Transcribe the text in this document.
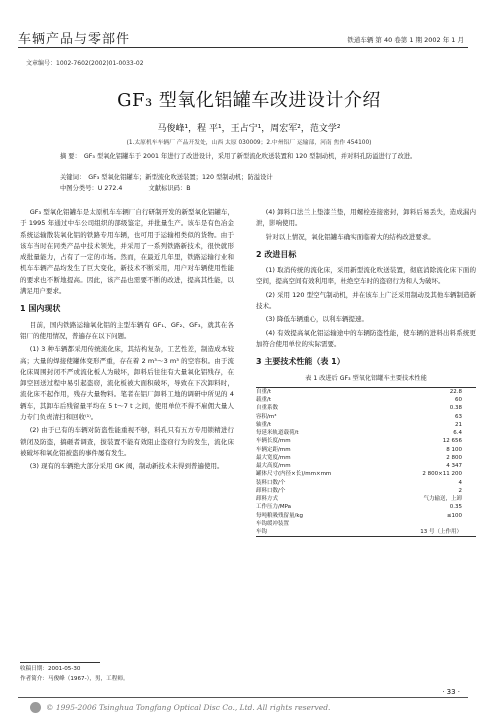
车辆产品与零部件	铁道车辆 第 40 卷第 1 期 2002 年 1 月
文章编号：1002-7602(2002)01-0033-02
GF₃ 型氧化铝罐车改进设计介绍
马俊峰¹，程 平¹，王占宁¹，周宏军²，范文学²
(1.太原机车车辆厂 产品开发处，山西 太原 030009；2.中州铝厂 运输部，河南 焦作 454100)
摘 要： GF₃ 型氧化铝罐车于 2001 年进行了改进设计，采用了新型流化吹送装置和 120 型制动机，并对料孔防溢进行了改进。
关键词： GF₃ 型氧化铝罐车；新型流化吹送装置；120 型制动机；防溢设计
中图分类号：U 272.4	文献标识码：B

GF₃ 型氧化铝罐车是太原机车车辆厂自行研制开发的新型氧化铝罐车，于 1995 年通过中车公司组织的部级鉴定，并批量生产。该车是有色冶金系统运输散装氧化铝的铁路专用车辆，也可用于运输相类似的货物。由于该车当时在同类产品中技术领先，并采用了一系列铁路新技术，很快就形成批量能力，占有了一定的市场。然而，在最近几年里，铁路运输行业和机车车辆产品均发生了巨大变化，新技术不断采用，用户对车辆使用性能的要求也不断地提高。因此，该产品也需要不断的改进，提高其性能，以满足用户要求。

1 国内现状

目前，国内铁路运输氧化铝的主型车辆有 GF₁、GF₂、GF₃，就其在各铝厂的使用情况，普遍存在以下问题。

(1) 3 种车辆都采用传统流化床，其结构复杂，工艺性差，制造成本较高；大量的焊接使罐体变形严重，存在着 2 m³～3 m³ 的空容积。由于流化床周围封闭不严或流化板人为破坏，卸料后往往有大量氧化铝残存，在卸空回送过程中易引起盗窃，流化板被大面积破坏，导致在下次卸料时，流化床不起作用，残存大量物料。笔者在铝厂卸料工地的调研中所见的 4 辆车，其卸车后残留量平均在 5 t～7 t 之间，使用单位不得不雇佣大量人力专门负责清扫和回收⁽¹⁾。

(2) 由于已有的车辆对防盗性能重视不够，料孔只有五方专用锁精进行锁闭及防盗，搞砸者调查，拔装置不能有效阻止盗窃行为的发生，流化床被破坏和氧化铝被盗的事件屡有发生。

(3) 现有的车辆绝大部分采用 GK 阀，制动新技术未得到普遍使用。

(4) 卸料口法兰上垫漆兰垫，用螺栓连接密封，卸料后易丢失，造成漏内泄，影响使用。

针对以上情况，氧化铝罐车确实面临着大的结构改进要求。

2 改进目标

(1) 取消传统的流化床，采用新型流化吹送装置，彻底消除流化床下面的空间，提高空间有效利用率，杜绝空车时的盗窃行为和人为破坏。

(2) 采用 120 型空气制动机，并在该车上广泛采用制动及其他车辆制造新技术。

(3) 降低车辆重心，以利车辆提速。

(4) 有效提高氧化铝运输途中的车辆防盗性能，使车辆的进料出料系统更加符合使用单位的实际需要。

3 主要技术性能（表 1）
表 1 改进后 GF₃ 型氧化铝罐车主要技术性能
自重/t	22.8
载重/t	60
自重系数	0.38
容积/m³	63
轴重/t	21
每延米轨道载荷/t	6.4
车辆长度/mm	12 656
车辆定距/mm	8 100
最大宽度/mm	2 800
最大高度/mm	4 347
罐体尺寸(内径×长)/mm×mm	2 800×11 200
装料口数/个	4
卸料口数/个	2
卸料方式	气力输送，上卸
工作压力/MPa	0.35
每吨粮吸残留量/kg	≤100
车钩缓冲装置	
车钩	13 号（上作用）
收稿日期：2001-05-30
作者简介：马俊峰（1967-），男，工程师。
· 33 ·
© 1995-2006 Tsinghua Tongfang Optical Disc Co., Ltd. All rights reserved.
